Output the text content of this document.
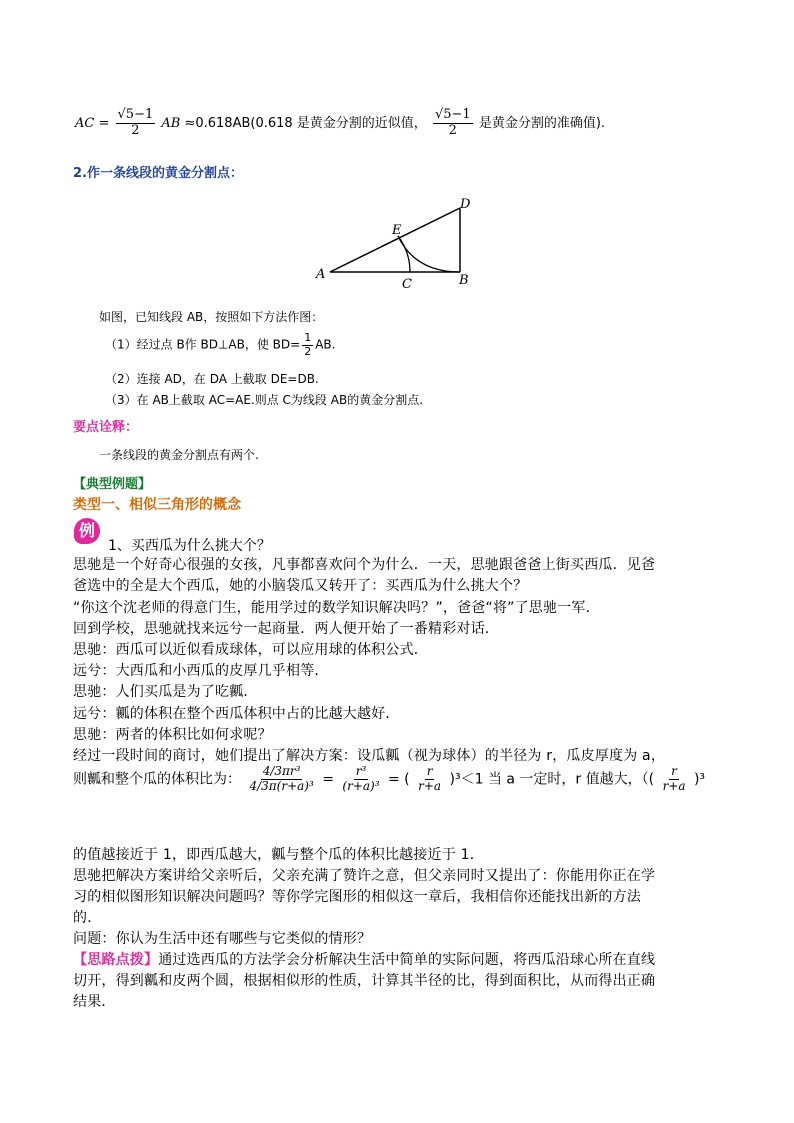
AC = $\frac{√5-1}{2}$ AB ≈0.618AB(0.618 是黄金分割的近似值， $\frac{√5-1}{2}$ 是黄金分割的准确值).
2.作一条线段的黄金分割点：
A	B
C
D
E
如图，已知线段 AB，按照如下方法作图：
（1）经过点 B作 BD⊥AB，使 $BD= \frac{1}{2}$ AB.
（2）连接 AD，在 DA 上截取 DE=DB.
（3）在 AB上截取 AC=AE.则点 C为线段 AB的黄金分割点.
要点诠释：
一条线段的黄金分割点有两个.
【典型例题】
类型一、相似三角形的概念
例
1、买西瓜为什么挑大个？
思驰是一个好奇心很强的女孩，凡事都喜欢问个为什么．一天，思驰跟爸爸上街买西瓜．见爸
爸选中的全是大个西瓜，她的小脑袋瓜又转开了：买西瓜为什么挑大个？
“你这个沈老师的得意门生，能用学过的数学知识解决吗？”，爸爸“将”了思驰一军．
回到学校，思驰就找来远兮一起商量．两人便开始了一番精彩对话．
思驰：西瓜可以近似看成球体，可以应用球的体积公式．
远兮：大西瓜和小西瓜的皮厚几乎相等．
思驰：人们买瓜是为了吃瓤．
远兮：瓤的体积在整个西瓜体积中占的比越大越好．
思驰：两者的体积比如何求呢？
经过一段时间的商讨，她们提出了解决方案：设瓜瓤（视为球体）的半径为 r，瓜皮厚度为 a，
则瓤和整个瓜的体积比为： $\frac{\text{4/3πr³}}{\text{4/3π(r+a)³}} = \frac{\text{r³}}{\text{(r+a)³}}$ = ( $\frac{r}{r+a} )^3<1$ 当 a 一定时，r 值越大，（( $\frac{r}{r+a} )^3$
的值越接近于 1，即西瓜越大，瓤与整个瓜的体积比越接近于 1．
思驰把解决方案讲给父亲听后，父亲充满了赞许之意，但父亲同时又提出了：你能用你正在学
习的相似图形知识解决问题吗？等你学完图形的相似这一章后，我相信你还能找出新的方法
的．
问题：你认为生活中还有哪些与它类似的情形？
【思路点拨】通过选西瓜的方法学会分析解决生活中简单的实际问题，将西瓜沿球心所在直线
切开，得到瓤和皮两个圆，根据相似形的性质，计算其半径的比，得到面积比，从而得出正确
结果．
